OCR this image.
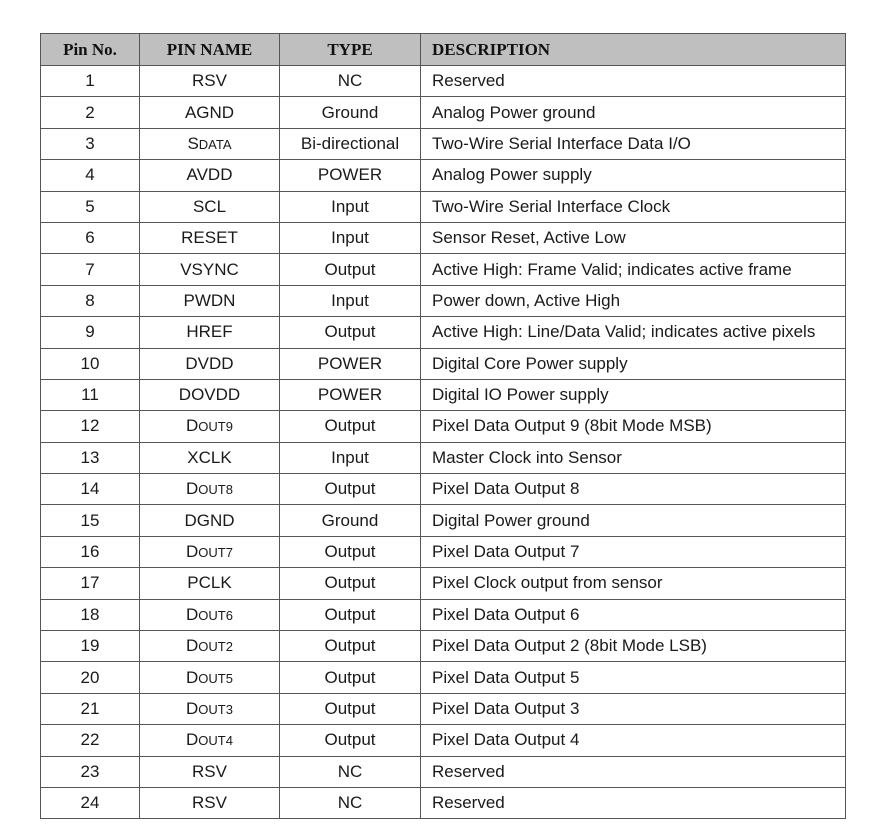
Pin No.	PIN NAME	TYPE	DESCRIPTION
1	RSV	NC	Reserved
2	AGND	Ground	Analog Power ground
3	SDATA	Bi-directional	Two-Wire Serial Interface Data I/O
4	AVDD	POWER	Analog Power supply
5	SCL	Input	Two-Wire Serial Interface Clock
6	RESET	Input	Sensor Reset, Active Low
7	VSYNC	Output	Active High: Frame Valid; indicates active frame
8	PWDN	Input	Power down, Active High
9	HREF	Output	Active High: Line/Data Valid; indicates active pixels
10	DVDD	POWER	Digital Core Power supply
11	DOVDD	POWER	Digital IO Power supply
12	DOUT9	Output	Pixel Data Output 9 (8bit Mode MSB)
13	XCLK	Input	Master Clock into Sensor
14	DOUT8	Output	Pixel Data Output 8
15	DGND	Ground	Digital Power ground
16	DOUT7	Output	Pixel Data Output 7
17	PCLK	Output	Pixel Clock output from sensor
18	DOUT6	Output	Pixel Data Output 6
19	DOUT2	Output	Pixel Data Output 2 (8bit Mode LSB)
20	DOUT5	Output	Pixel Data Output 5
21	DOUT3	Output	Pixel Data Output 3
22	DOUT4	Output	Pixel Data Output 4
23	RSV	NC	Reserved
24	RSV	NC	Reserved
